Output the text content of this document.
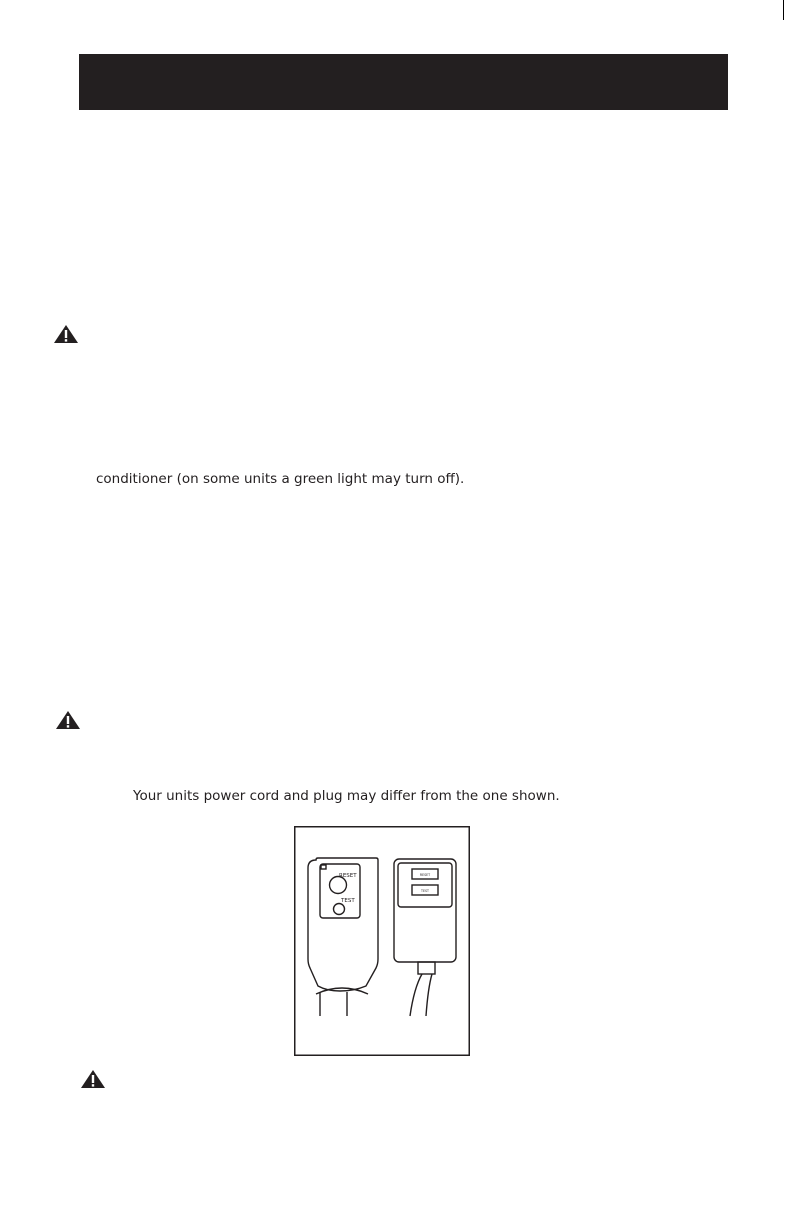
conditioner (on some units a green light may turn off).
Your units power cord and plug may differ from the one shown.
RESET
TEST
RESET
TEST
